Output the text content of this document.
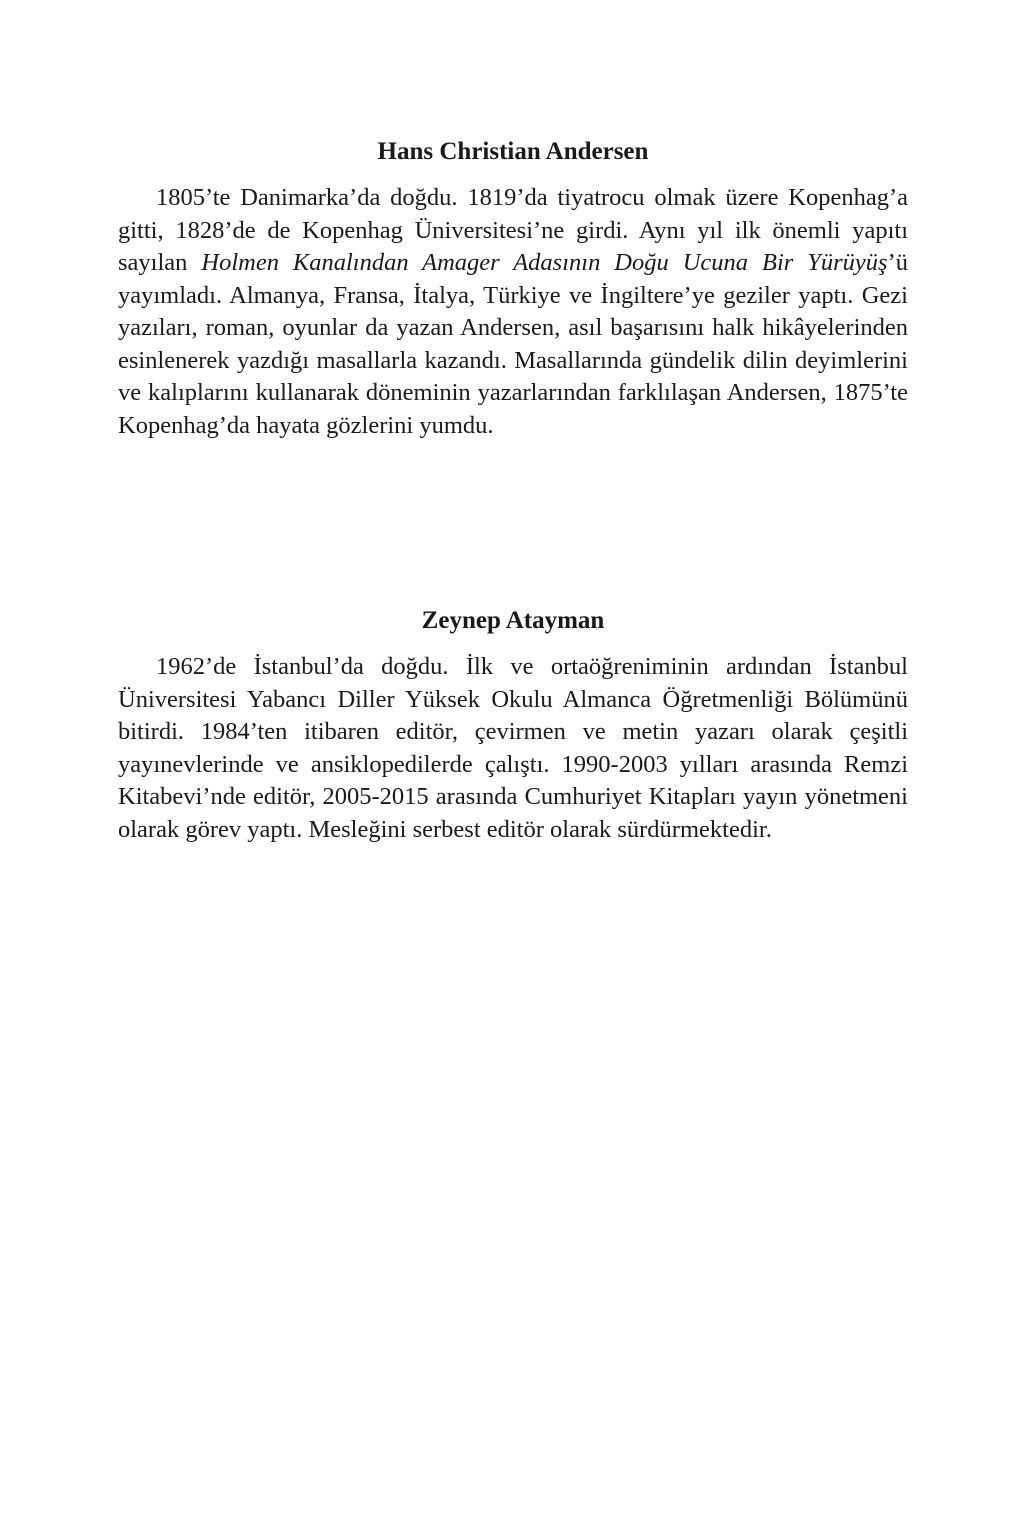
Hans Christian Andersen

1805’te Danimarka’da doğdu. 1819’da tiyatrocu olmak üzere Kopenhag’a gitti, 1828’de de Kopenhag Üniversitesi’ne girdi. Aynı yıl ilk önemli yapıtı sayılan Holmen Kanalından Amager Adasının Doğu Ucuna Bir Yürüyüş’ü yayımladı. Almanya, Fransa, İtalya, Türkiye ve İngiltere’ye geziler yaptı. Gezi yazıları, roman, oyunlar da yazan Andersen, asıl başarısını halk hikâyelerinden esinlenerek yazdığı masallarla kazandı. Masallarında gündelik dilin deyimlerini ve kalıplarını kullanarak döneminin yazarlarından farklılaşan Andersen, 1875’te Kopenhag’da hayata gözlerini yumdu.

Zeynep Atayman

1962’de İstanbul’da doğdu. İlk ve ortaöğreniminin ardından İstanbul Üniversitesi Yabancı Diller Yüksek Okulu Almanca Öğretmenliği Bölümünü bitirdi. 1984’ten itibaren editör, çevirmen ve metin yazarı olarak çeşitli yayınevlerinde ve ansiklopedilerde çalıştı. 1990-2003 yılları arasında Remzi Kitabevi’nde editör, 2005-2015 arasında Cumhuriyet Kitapları yayın yönetmeni olarak görev yaptı. Mesleğini serbest editör olarak sürdürmektedir.
